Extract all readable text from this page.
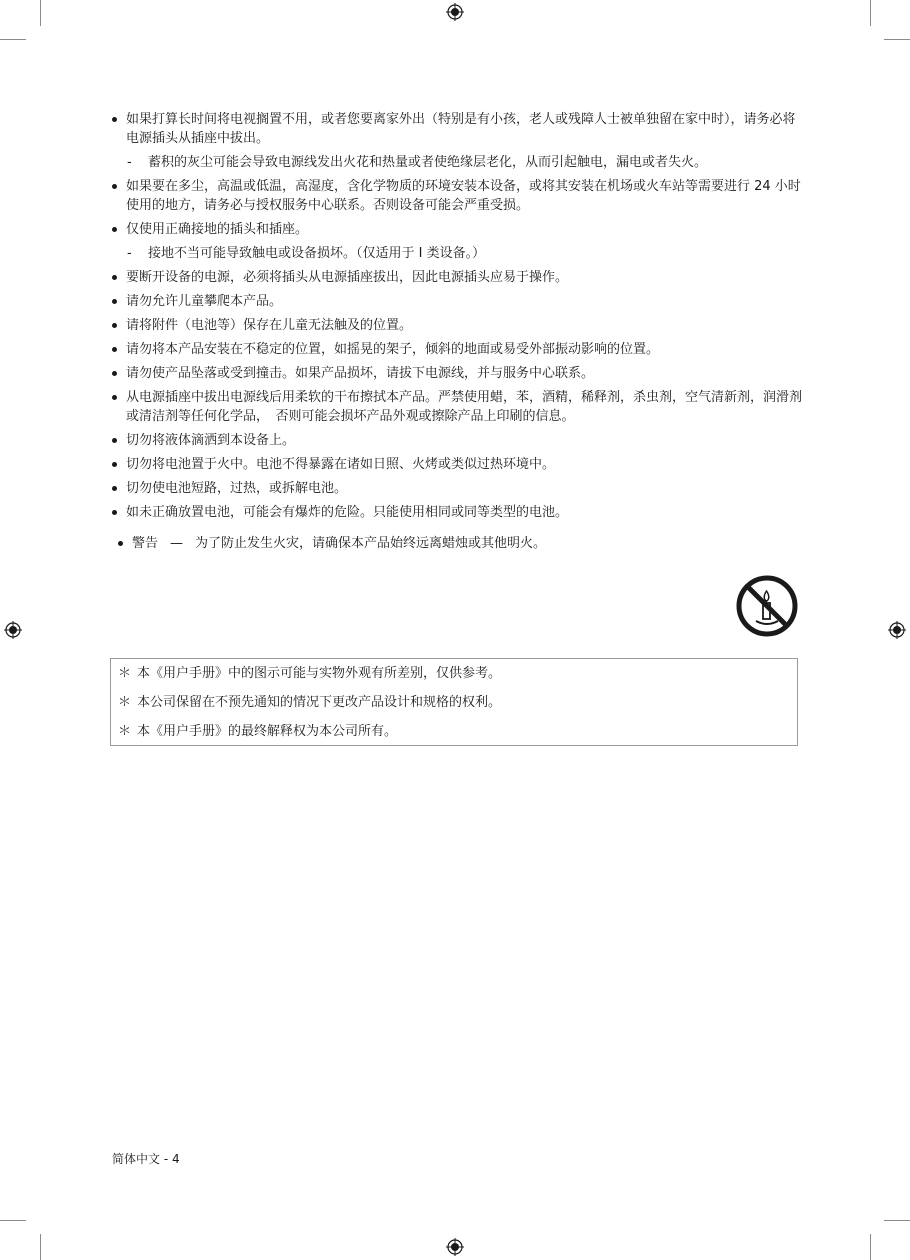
如果打算长时间将电视搁置不用，或者您要离家外出（特别是有小孩，老人或残障人士被单独留在家中时），请务必将电源插头从插座中拔出。
- 蓄积的灰尘可能会导致电源线发出火花和热量或者使绝缘层老化，从而引起触电，漏电或者失火。
如果要在多尘，高温或低温，高湿度，含化学物质的环境安装本设备，或将其安装在机场或火车站等需要进行 24 小时使用的地方，请务必与授权服务中心联系。否则设备可能会严重受损。
仅使用正确接地的插头和插座。
- 接地不当可能导致触电或设备损坏。（仅适用于 Ⅰ 类设备。）
要断开设备的电源，必须将插头从电源插座拔出，因此电源插头应易于操作。
请勿允许儿童攀爬本产品。
请将附件（电池等）保存在儿童无法触及的位置。
请勿将本产品安装在不稳定的位置，如摇晃的架子，倾斜的地面或易受外部振动影响的位置。
请勿使产品坠落或受到撞击。如果产品损坏，请拔下电源线，并与服务中心联系。
从电源插座中拔出电源线后用柔软的干布擦拭本产品。严禁使用蜡，苯，酒精，稀释剂，杀虫剂，空气清新剂，润滑剂或清洁剂等任何化学品，　否则可能会损坏产品外观或擦除产品上印刷的信息。
切勿将液体滴洒到本设备上。
切勿将电池置于火中。电池不得暴露在诸如日照、火烤或类似过热环境中。
切勿使电池短路，过热，或拆解电池。
如未正确放置电池，可能会有爆炸的危险。只能使用相同或同等类型的电池。
警告 — 为了防止发生火灾，请确保本产品始终远离蜡烛或其他明火。
＊ 本《用户手册》中的图示可能与实物外观有所差别，仅供参考。
＊ 本公司保留在不预先通知的情况下更改产品设计和规格的权利。
＊ 本《用户手册》的最终解释权为本公司所有。
简体中文 - 4
